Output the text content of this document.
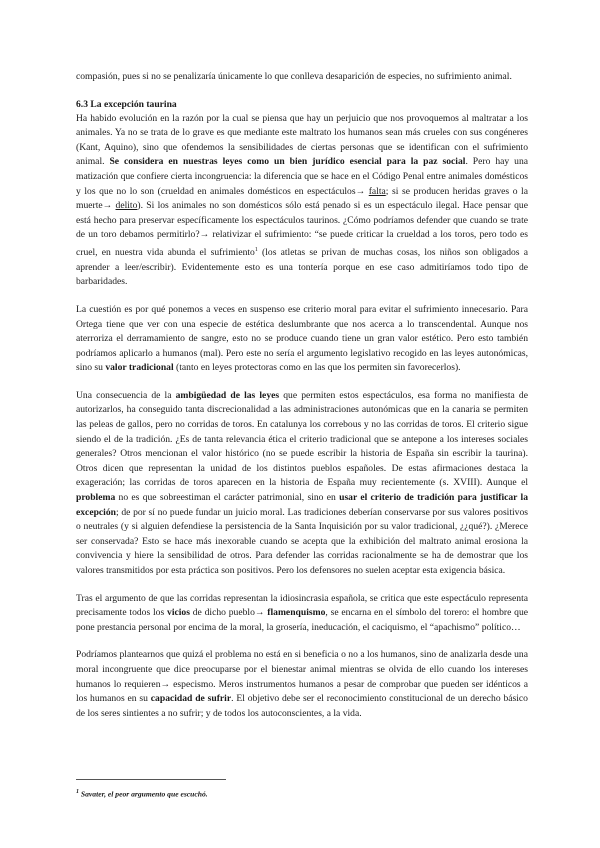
compasión, pues si no se penalizaría únicamente lo que conlleva desaparición de especies, no sufrimiento animal.

6.3 La excepción taurina

Ha habido evolución en la razón por la cual se piensa que hay un perjuicio que nos provoquemos al maltratar a los animales. Ya no se trata de lo grave es que mediante este maltrato los humanos sean más crueles con sus congéneres (Kant, Aquino), sino que ofendemos la sensibilidades de ciertas personas que se identifican con el sufrimiento animal. Se considera en nuestras leyes como un bien jurídico esencial para la paz social. Pero hay una matización que confiere cierta incongruencia: la diferencia que se hace en el Código Penal entre animales domésticos y los que no lo son (crueldad en animales domésticos en espectáculos→ falta; si se producen heridas graves o la muerte→ delito). Si los animales no son domésticos sólo está penado si es un espectáculo ilegal. Hace pensar que está hecho para preservar específicamente los espectáculos taurinos. ¿Cómo podríamos defender que cuando se trate de un toro debamos permitirlo?→ relativizar el sufrimiento: “se puede criticar la crueldad a los toros, pero todo es cruel, en nuestra vida abunda el sufrimiento$^1$ (los atletas se privan de muchas cosas, los niños son obligados a aprender a leer/escribir). Evidentemente esto es una tontería porque en ese caso admitiríamos todo tipo de barbaridades.

La cuestión es por qué ponemos a veces en suspenso ese criterio moral para evitar el sufrimiento innecesario. Para Ortega tiene que ver con una especie de estética deslumbrante que nos acerca a lo transcendental. Aunque nos aterroriza el derramamiento de sangre, esto no se produce cuando tiene un gran valor estético. Pero esto también podríamos aplicarlo a humanos (mal). Pero este no sería el argumento legislativo recogido en las leyes autonómicas, sino su valor tradicional (tanto en leyes protectoras como en las que los permiten sin favorecerlos).

Una consecuencia de la ambigüedad de las leyes que permiten estos espectáculos, esa forma no manifiesta de autorizarlos, ha conseguido tanta discrecionalidad a las administraciones autonómicas que en la canaria se permiten las peleas de gallos, pero no corridas de toros. En catalunya los correbous y no las corridas de toros. El criterio sigue siendo el de la tradición. ¿Es de tanta relevancia ética el criterio tradicional que se antepone a los intereses sociales generales? Otros mencionan el valor histórico (no se puede escribir la historia de España sin escribir la taurina). Otros dicen que representan la unidad de los distintos pueblos españoles. De estas afirmaciones destaca la exageración; las corridas de toros aparecen en la historia de España muy recientemente (s. XVIII). Aunque el problema no es que sobreestiman el carácter patrimonial, sino en usar el criterio de tradición para justificar la excepción; de por sí no puede fundar un juicio moral. Las tradiciones deberían conservarse por sus valores positivos o neutrales (y si alguien defendiese la persistencia de la Santa Inquisición por su valor tradicional, ¿¿qué?). ¿Merece ser conservada? Esto se hace más inexorable cuando se acepta que la exhibición del maltrato animal erosiona la convivencia y hiere la sensibilidad de otros. Para defender las corridas racionalmente se ha de demostrar que los valores transmitidos por esta práctica son positivos. Pero los defensores no suelen aceptar esta exigencia básica.

Tras el argumento de que las corridas representan la idiosincrasia española, se critica que este espectáculo representa precisamente todos los vicios de dicho pueblo→ flamenquismo, se encarna en el símbolo del torero: el hombre que pone prestancia personal por encima de la moral, la grosería, ineducación, el caciquismo, el “apachismo” político…

Podríamos plantearnos que quizá el problema no está en si beneficia o no a los humanos, sino de analizarla desde una moral incongruente que dice preocuparse por el bienestar animal mientras se olvida de ello cuando los intereses humanos lo requieren→ especismo. Meros instrumentos humanos a pesar de comprobar que pueden ser idénticos a los humanos en su capacidad de sufrir. El objetivo debe ser el reconocimiento constitucional de un derecho básico de los seres sintientes a no sufrir; y de todos los autoconscientes, a la vida.

$^1$ Savater, el peor argumento que escuchó.
